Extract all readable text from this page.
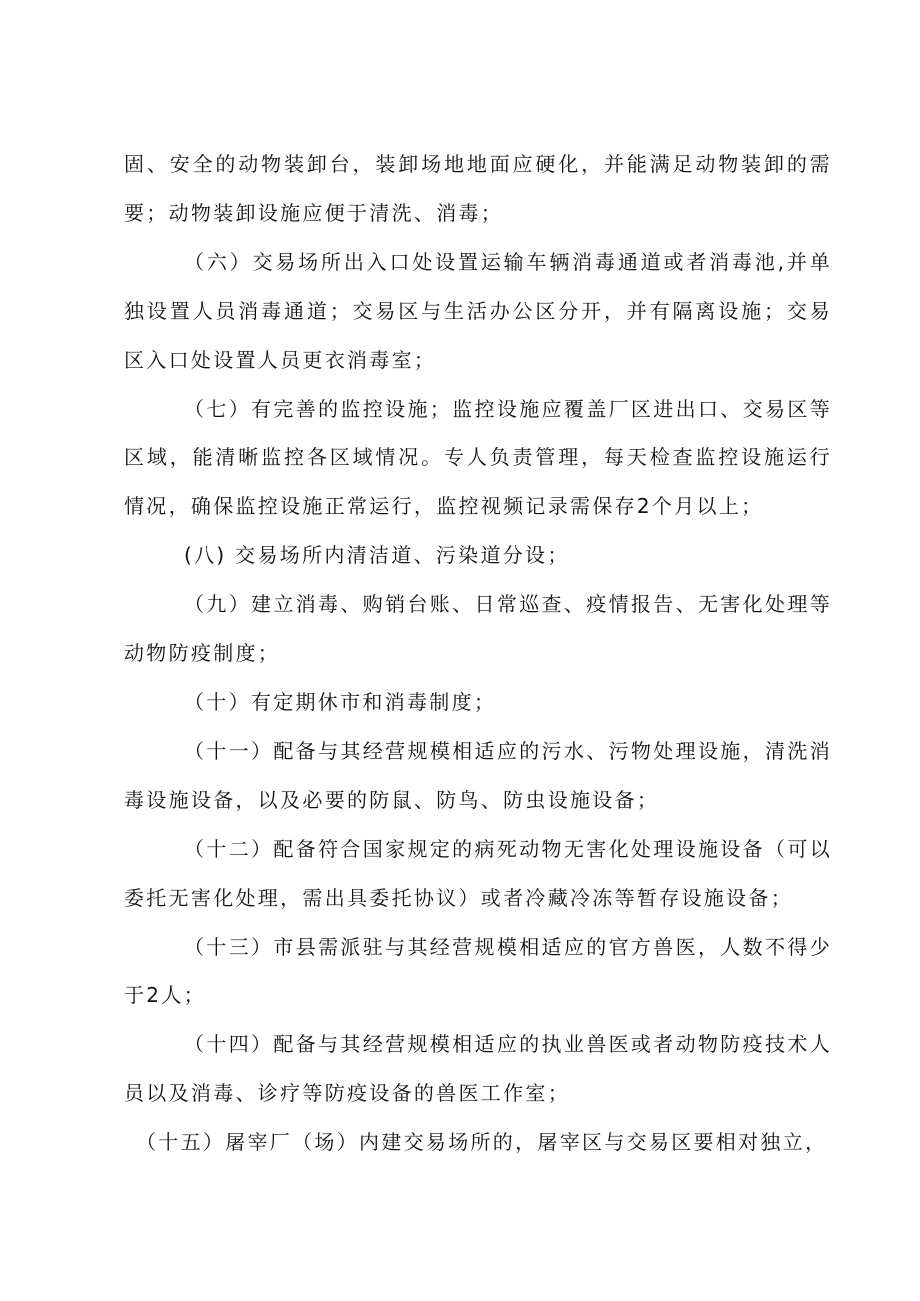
固、安全的动物装卸台，装卸场地地面应硬化，并能满足动物装卸的需要；动物装卸设施应便于清洗、消毒；

（六）交易场所出入口处设置运输车辆消毒通道或者消毒池,并单独设置人员消毒通道；交易区与生活办公区分开，并有隔离设施；交易区入口处设置人员更衣消毒室；

（七）有完善的监控设施；监控设施应覆盖厂区进出口、交易区等区域，能清晰监控各区域情况。专人负责管理，每天检查监控设施运行情况，确保监控设施正常运行，监控视频记录需保存2个月以上；

(八) 交易场所内清洁道、污染道分设；

（九）建立消毒、购销台账、日常巡查、疫情报告、无害化处理等动物防疫制度；

（十）有定期休市和消毒制度；

（十一）配备与其经营规模相适应的污水、污物处理设施，清洗消毒设施设备，以及必要的防鼠、防鸟、防虫设施设备；

（十二）配备符合国家规定的病死动物无害化处理设施设备（可以委托无害化处理，需出具委托协议）或者冷藏冷冻等暂存设施设备；

（十三）市县需派驻与其经营规模相适应的官方兽医，人数不得少于2人；

（十四）配备与其经营规模相适应的执业兽医或者动物防疫技术人员以及消毒、诊疗等防疫设备的兽医工作室；

（十五）屠宰厂（场）内建交易场所的，屠宰区与交易区要相对独立，
